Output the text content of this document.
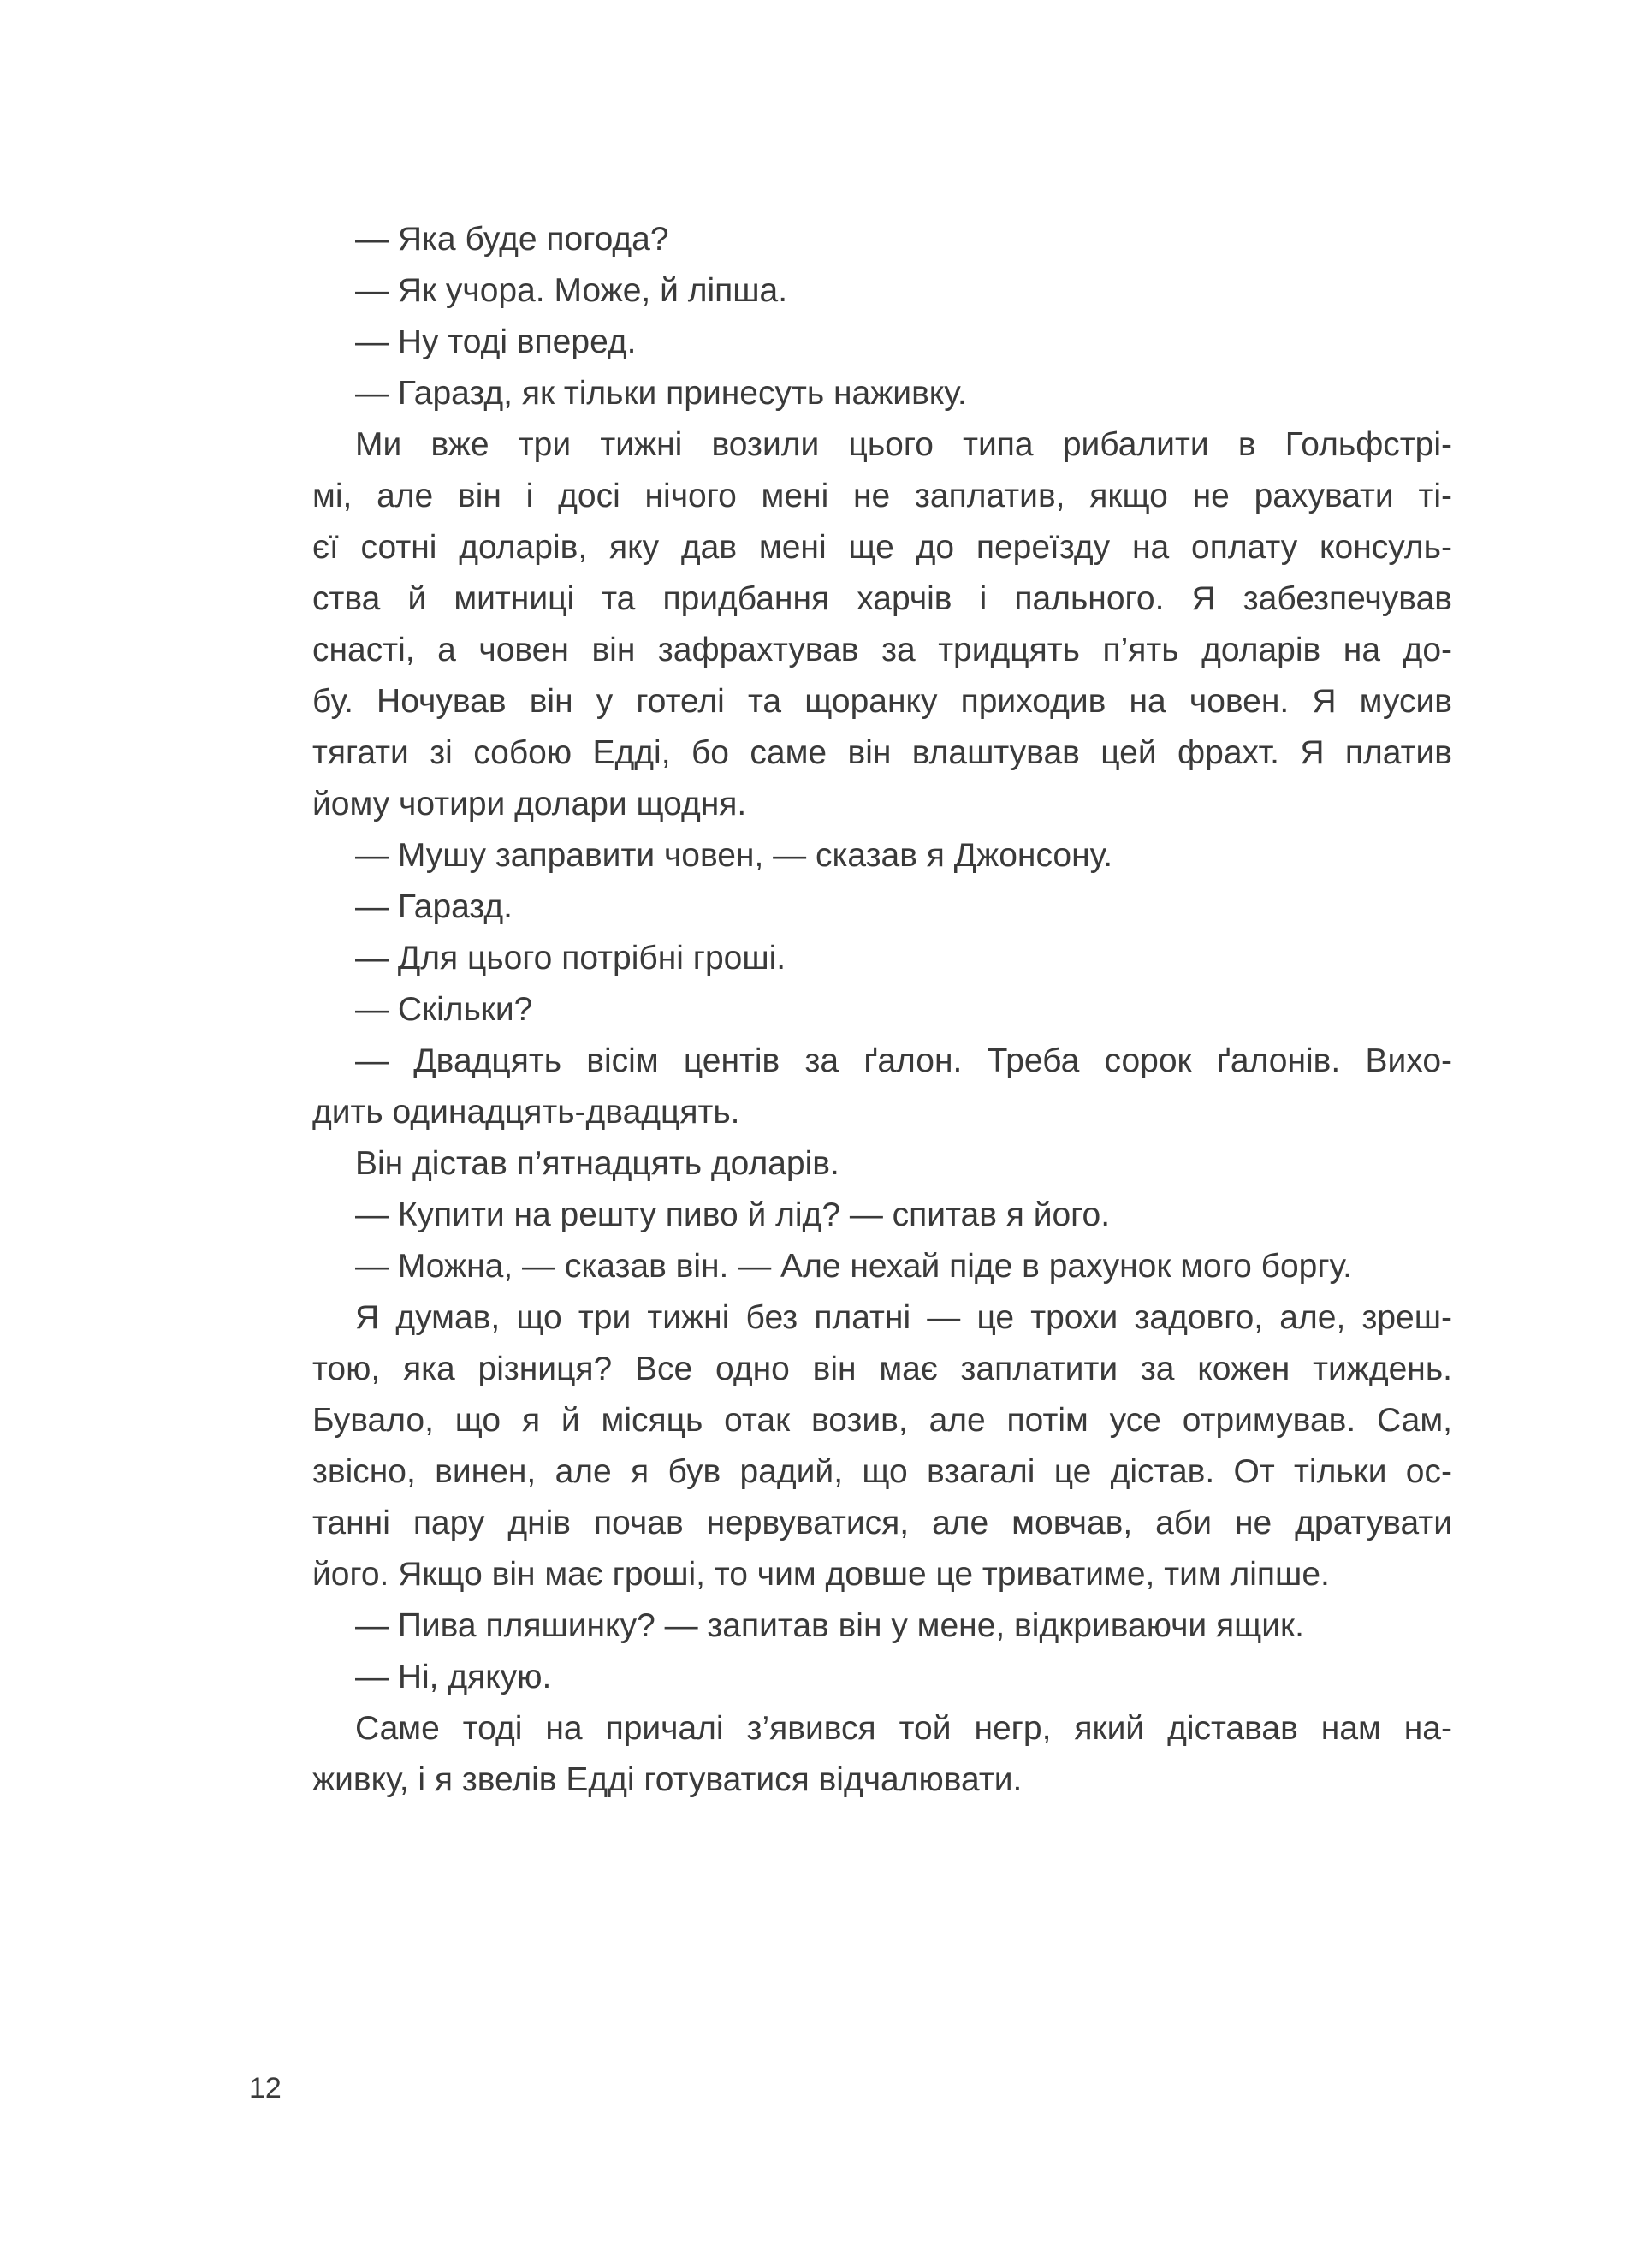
— Яка буде погода?
— Як учора. Може, й ліпша.
— Ну тоді вперед.
— Гаразд, як тільки принесуть наживку.
Ми вже три тижні возили цього типа рибалити в Гольфстрі-
мі, але він і досі нічого мені не заплатив, якщо не рахувати ті-
єї сотні доларів, яку дав мені ще до переїзду на оплату консуль-
ства й митниці та придбання харчів і пального. Я забезпечував
снасті, а човен він зафрахтував за тридцять п’ять доларів на до-
бу. Ночував він у готелі та щоранку приходив на човен. Я мусив
тягати зі собою Едді, бо саме він влаштував цей фрахт. Я платив
йому чотири долари щодня.
— Мушу заправити човен, — сказав я Джонсону.
— Гаразд.
— Для цього потрібні гроші.
— Скільки?
— Двадцять вісім центів за ґалон. Треба сорок ґалонів. Вихо-
дить одинадцять-двадцять.
Він дістав п’ятнадцять доларів.
— Купити на решту пиво й лід? — спитав я його.
— Можна, — сказав він. — Але нехай піде в рахунок мого боргу.
Я думав, що три тижні без платні — це трохи задовго, але, зреш-
тою, яка різниця? Все одно він має заплатити за кожен тиждень.
Бувало, що я й місяць отак возив, але потім усе отримував. Сам,
звісно, винен, але я був радий, що взагалі це дістав. От тільки ос-
танні пару днів почав нервуватися, але мовчав, аби не дратувати
його. Якщо він має гроші, то чим довше це триватиме, тим ліпше.
— Пива пляшинку? — запитав він у мене, відкриваючи ящик.
— Ні, дякую.
Саме тоді на причалі з’явився той негр, який діставав нам на-
живку, і я звелів Едді готуватися відчалювати.
12
